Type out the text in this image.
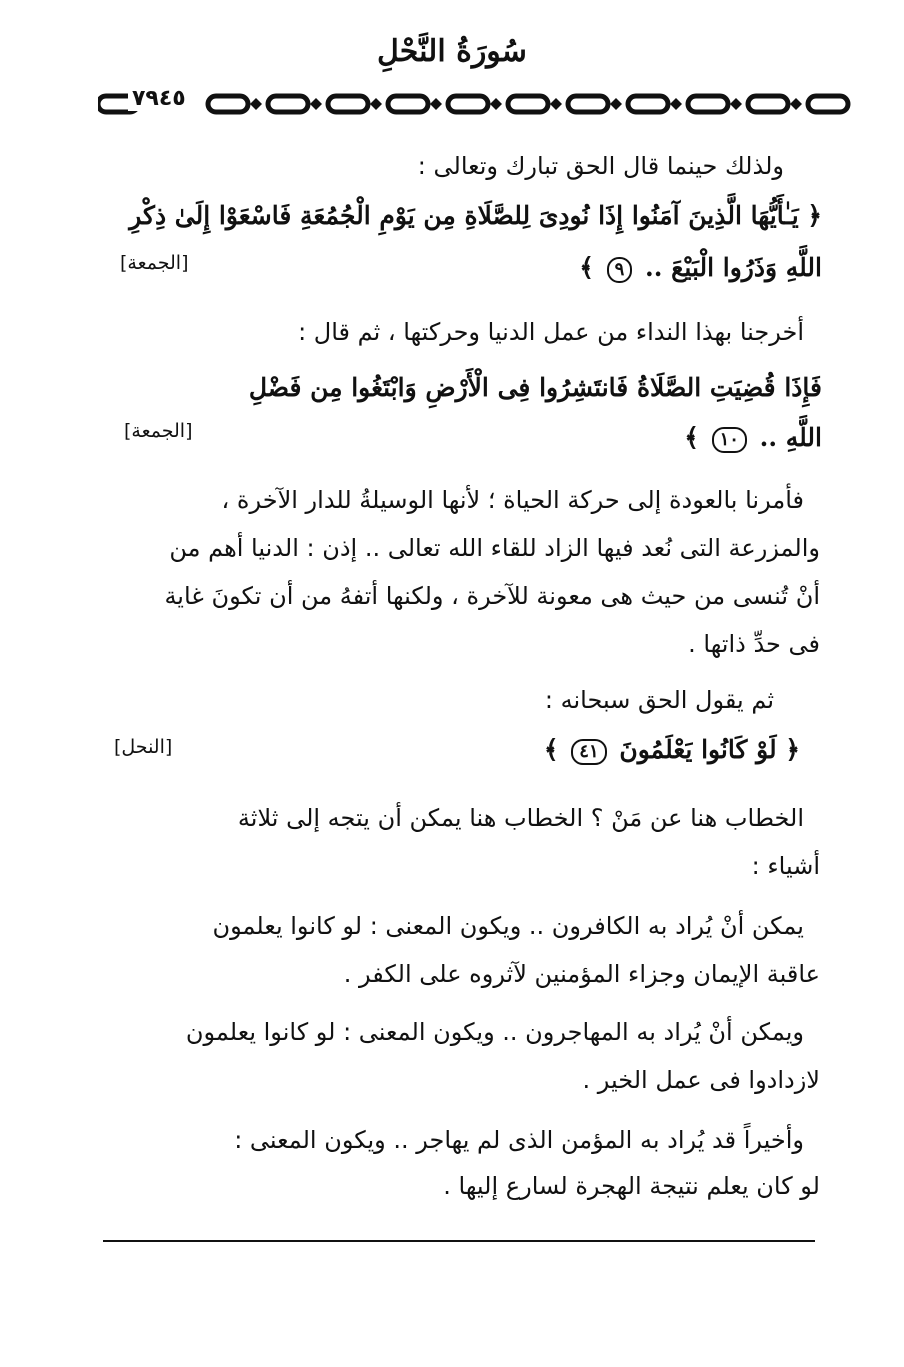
سُورَةُ النَّحْلِ
٧٩٤٥
ولذلك حينما قال الحق تبارك وتعالى :
﴿ يَـٰأَيُّهَا الَّذِينَ آمَنُوا إِذَا نُودِىَ لِلصَّلَاةِ مِن يَوْمِ الْجُمُعَةِ فَاسْعَوْا إِلَىٰ ذِكْرِ
اللَّهِ وَذَرُوا الْبَيْعَ .. ٩ ﴾
[الجمعة]
أخرجنا بهذا النداء من عمل الدنيا وحركتها ، ثم قال :
فَإِذَا قُضِيَتِ الصَّلَاةُ فَانتَشِرُوا فِى الْأَرْضِ وَابْتَغُوا مِن فَضْلِ
اللَّهِ .. ١٠ ﴾
[الجمعة]
فأمرنا بالعودة إلى حركة الحياة ؛ لأنها الوسيلةُ للدار الآخرة ،
والمزرعة التى نُعد فيها الزاد للقاء الله تعالى .. إذن : الدنيا أهم من
أنْ تُنسى من حيث هى معونة للآخرة ، ولكنها أتفهُ من أن تكونَ غاية
فى حدِّ ذاتها .
ثم يقول الحق سبحانه :
﴿ لَوْ كَانُوا يَعْلَمُونَ ٤١ ﴾
[النحل]
الخطاب هنا عن مَنْ ؟ الخطاب هنا يمكن أن يتجه إلى ثلاثة
أشياء :
يمكن أنْ يُراد به الكافرون .. ويكون المعنى : لو كانوا يعلمون
عاقبة الإيمان وجزاء المؤمنين لآثروه على الكفر .
ويمكن أنْ يُراد به المهاجرون .. ويكون المعنى : لو كانوا يعلمون
لازدادوا فى عمل الخير .
وأخيراً قد يُراد به المؤمن الذى لم يهاجر .. ويكون المعنى :
لو كان يعلم نتيجة الهجرة لسارع إليها .
